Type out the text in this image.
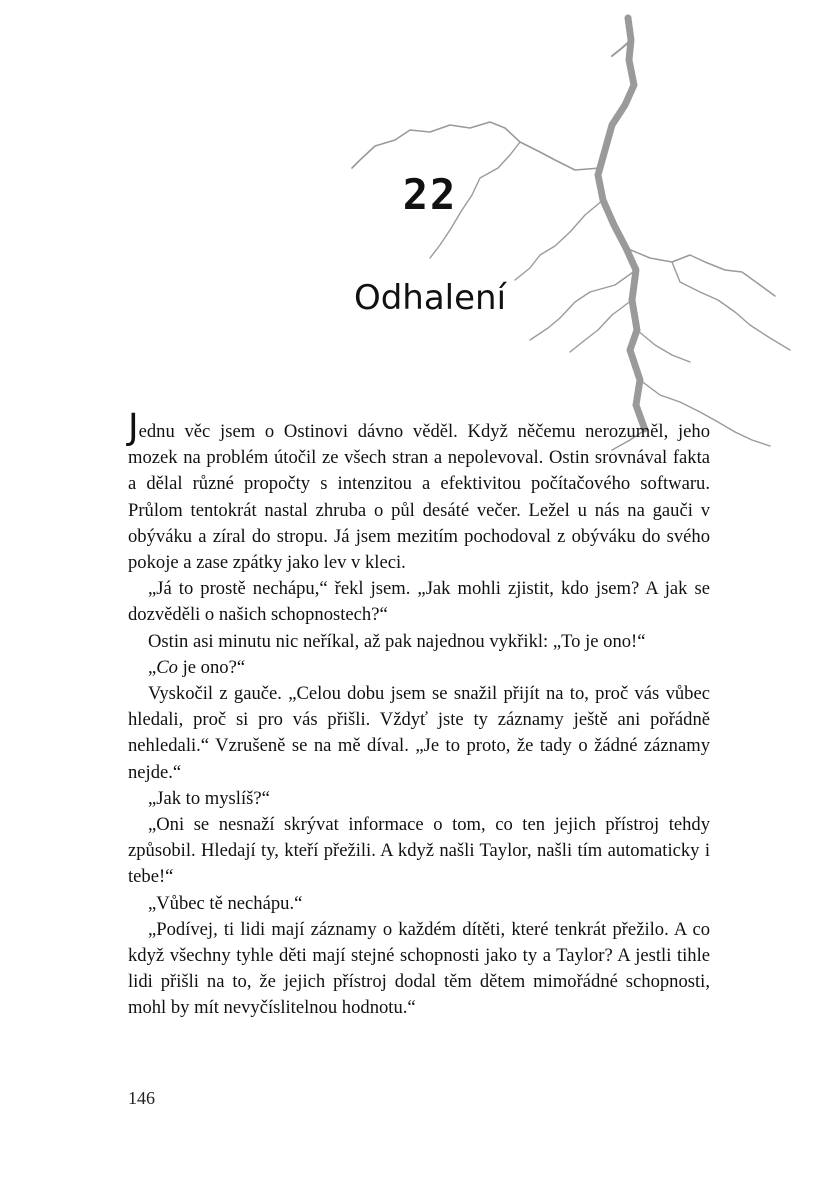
22
Odhalení

Jednu věc jsem o Ostinovi dávno věděl. Když něčemu nerozuměl, jeho mozek na problém útočil ze všech stran a nepolevoval. Ostin srovnával fakta a dělal různé propočty s intenzitou a efektivitou počítačového softwaru. Průlom tentokrát nastal zhruba o půl desáté večer. Ležel u nás na gauči v obýváku a zíral do stropu. Já jsem mezitím pochodoval z obýváku do svého pokoje a zase zpátky jako lev v kleci.

„Já to prostě nechápu,“ řekl jsem. „Jak mohli zjistit, kdo jsem? A jak se dozvěděli o našich schopnostech?“

Ostin asi minutu nic neříkal, až pak najednou vykřikl: „To je ono!“

„Co je ono?“

Vyskočil z gauče. „Celou dobu jsem se snažil přijít na to, proč vás vůbec hledali, proč si pro vás přišli. Vždyť jste ty záznamy ještě ani pořádně nehledali.“ Vzrušeně se na mě díval. „Je to proto, že tady o žádné záznamy nejde.“

„Jak to myslíš?“

„Oni se nesnaží skrývat informace o tom, co ten jejich přístroj tehdy způsobil. Hledají ty, kteří přežili. A když našli Taylor, našli tím automaticky i tebe!“

„Vůbec tě nechápu.“

„Podívej, ti lidi mají záznamy o každém dítěti, které tenkrát přežilo. A co když všechny tyhle děti mají stejné schopnosti jako ty a Taylor? A jestli tihle lidi přišli na to, že jejich přístroj dodal těm dětem mimořádné schopnosti, mohl by mít nevyčíslitelnou hodnotu.“

146
